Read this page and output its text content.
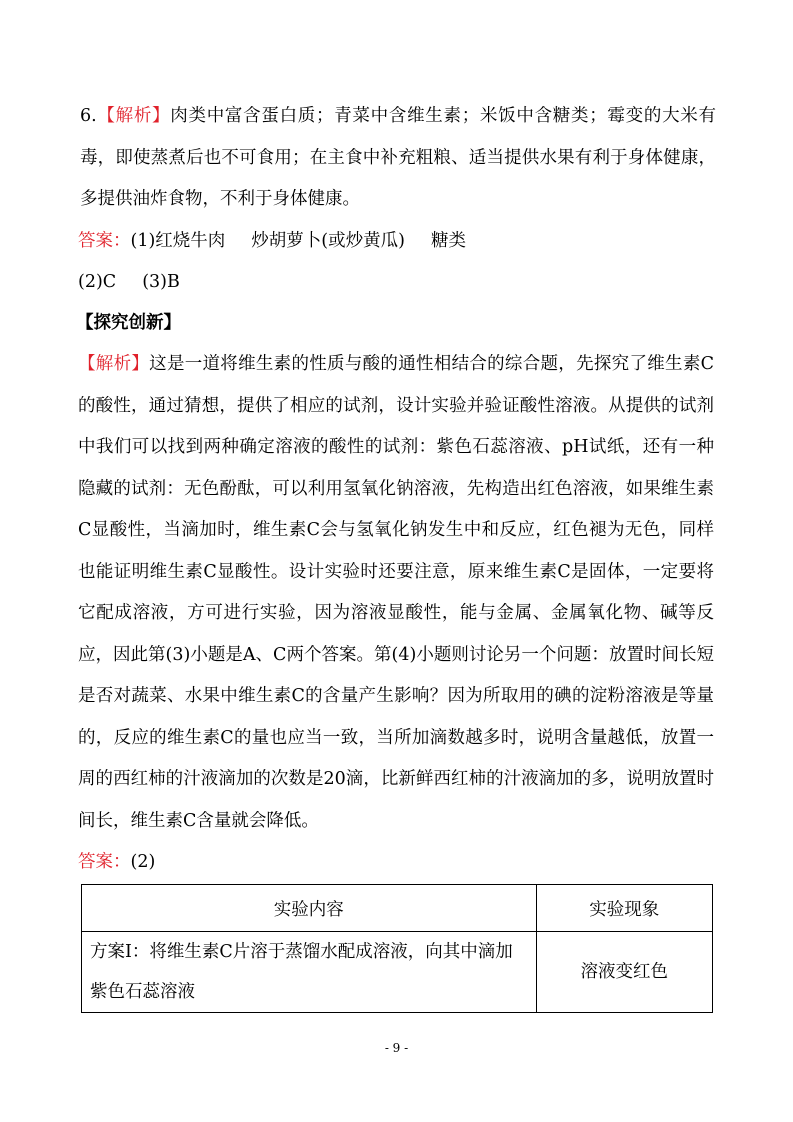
6.【解析】肉类中富含蛋白质；青菜中含维生素；米饭中含糖类；霉变的大米有毒，即使蒸煮后也不可食用；在主食中补充粗粮、适当提供水果有利于身体健康，多提供油炸食物，不利于身体健康。

答案：(1)红烧牛肉 炒胡萝卜(或炒黄瓜) 糖类

(2)C (3)B

【探究创新】

【解析】这是一道将维生素的性质与酸的通性相结合的综合题，先探究了维生素C的酸性，通过猜想，提供了相应的试剂，设计实验并验证酸性溶液。从提供的试剂中我们可以找到两种确定溶液的酸性的试剂：紫色石蕊溶液、pH试纸，还有一种隐藏的试剂：无色酚酞，可以利用氢氧化钠溶液，先构造出红色溶液，如果维生素C显酸性，当滴加时，维生素C会与氢氧化钠发生中和反应，红色褪为无色，同样也能证明维生素C显酸性。设计实验时还要注意，原来维生素C是固体，一定要将它配成溶液，方可进行实验，因为溶液显酸性，能与金属、金属氧化物、碱等反应，因此第(3)小题是A、C两个答案。第(4)小题则讨论另一个问题：放置时间长短是否对蔬菜、水果中维生素C的含量产生影响？因为所取用的碘的淀粉溶液是等量的，反应的维生素C的量也应当一致，当所加滴数越多时，说明含量越低，放置一周的西红柿的汁液滴加的次数是20滴，比新鲜西红柿的汁液滴加的多，说明放置时间长，维生素C含量就会降低。

答案：(2)

实验内容	实验现象
方案Ⅰ：将维生素C片溶于蒸馏水配成溶液，向其中滴加紫色石蕊溶液	溶液变红色
- 9 -
